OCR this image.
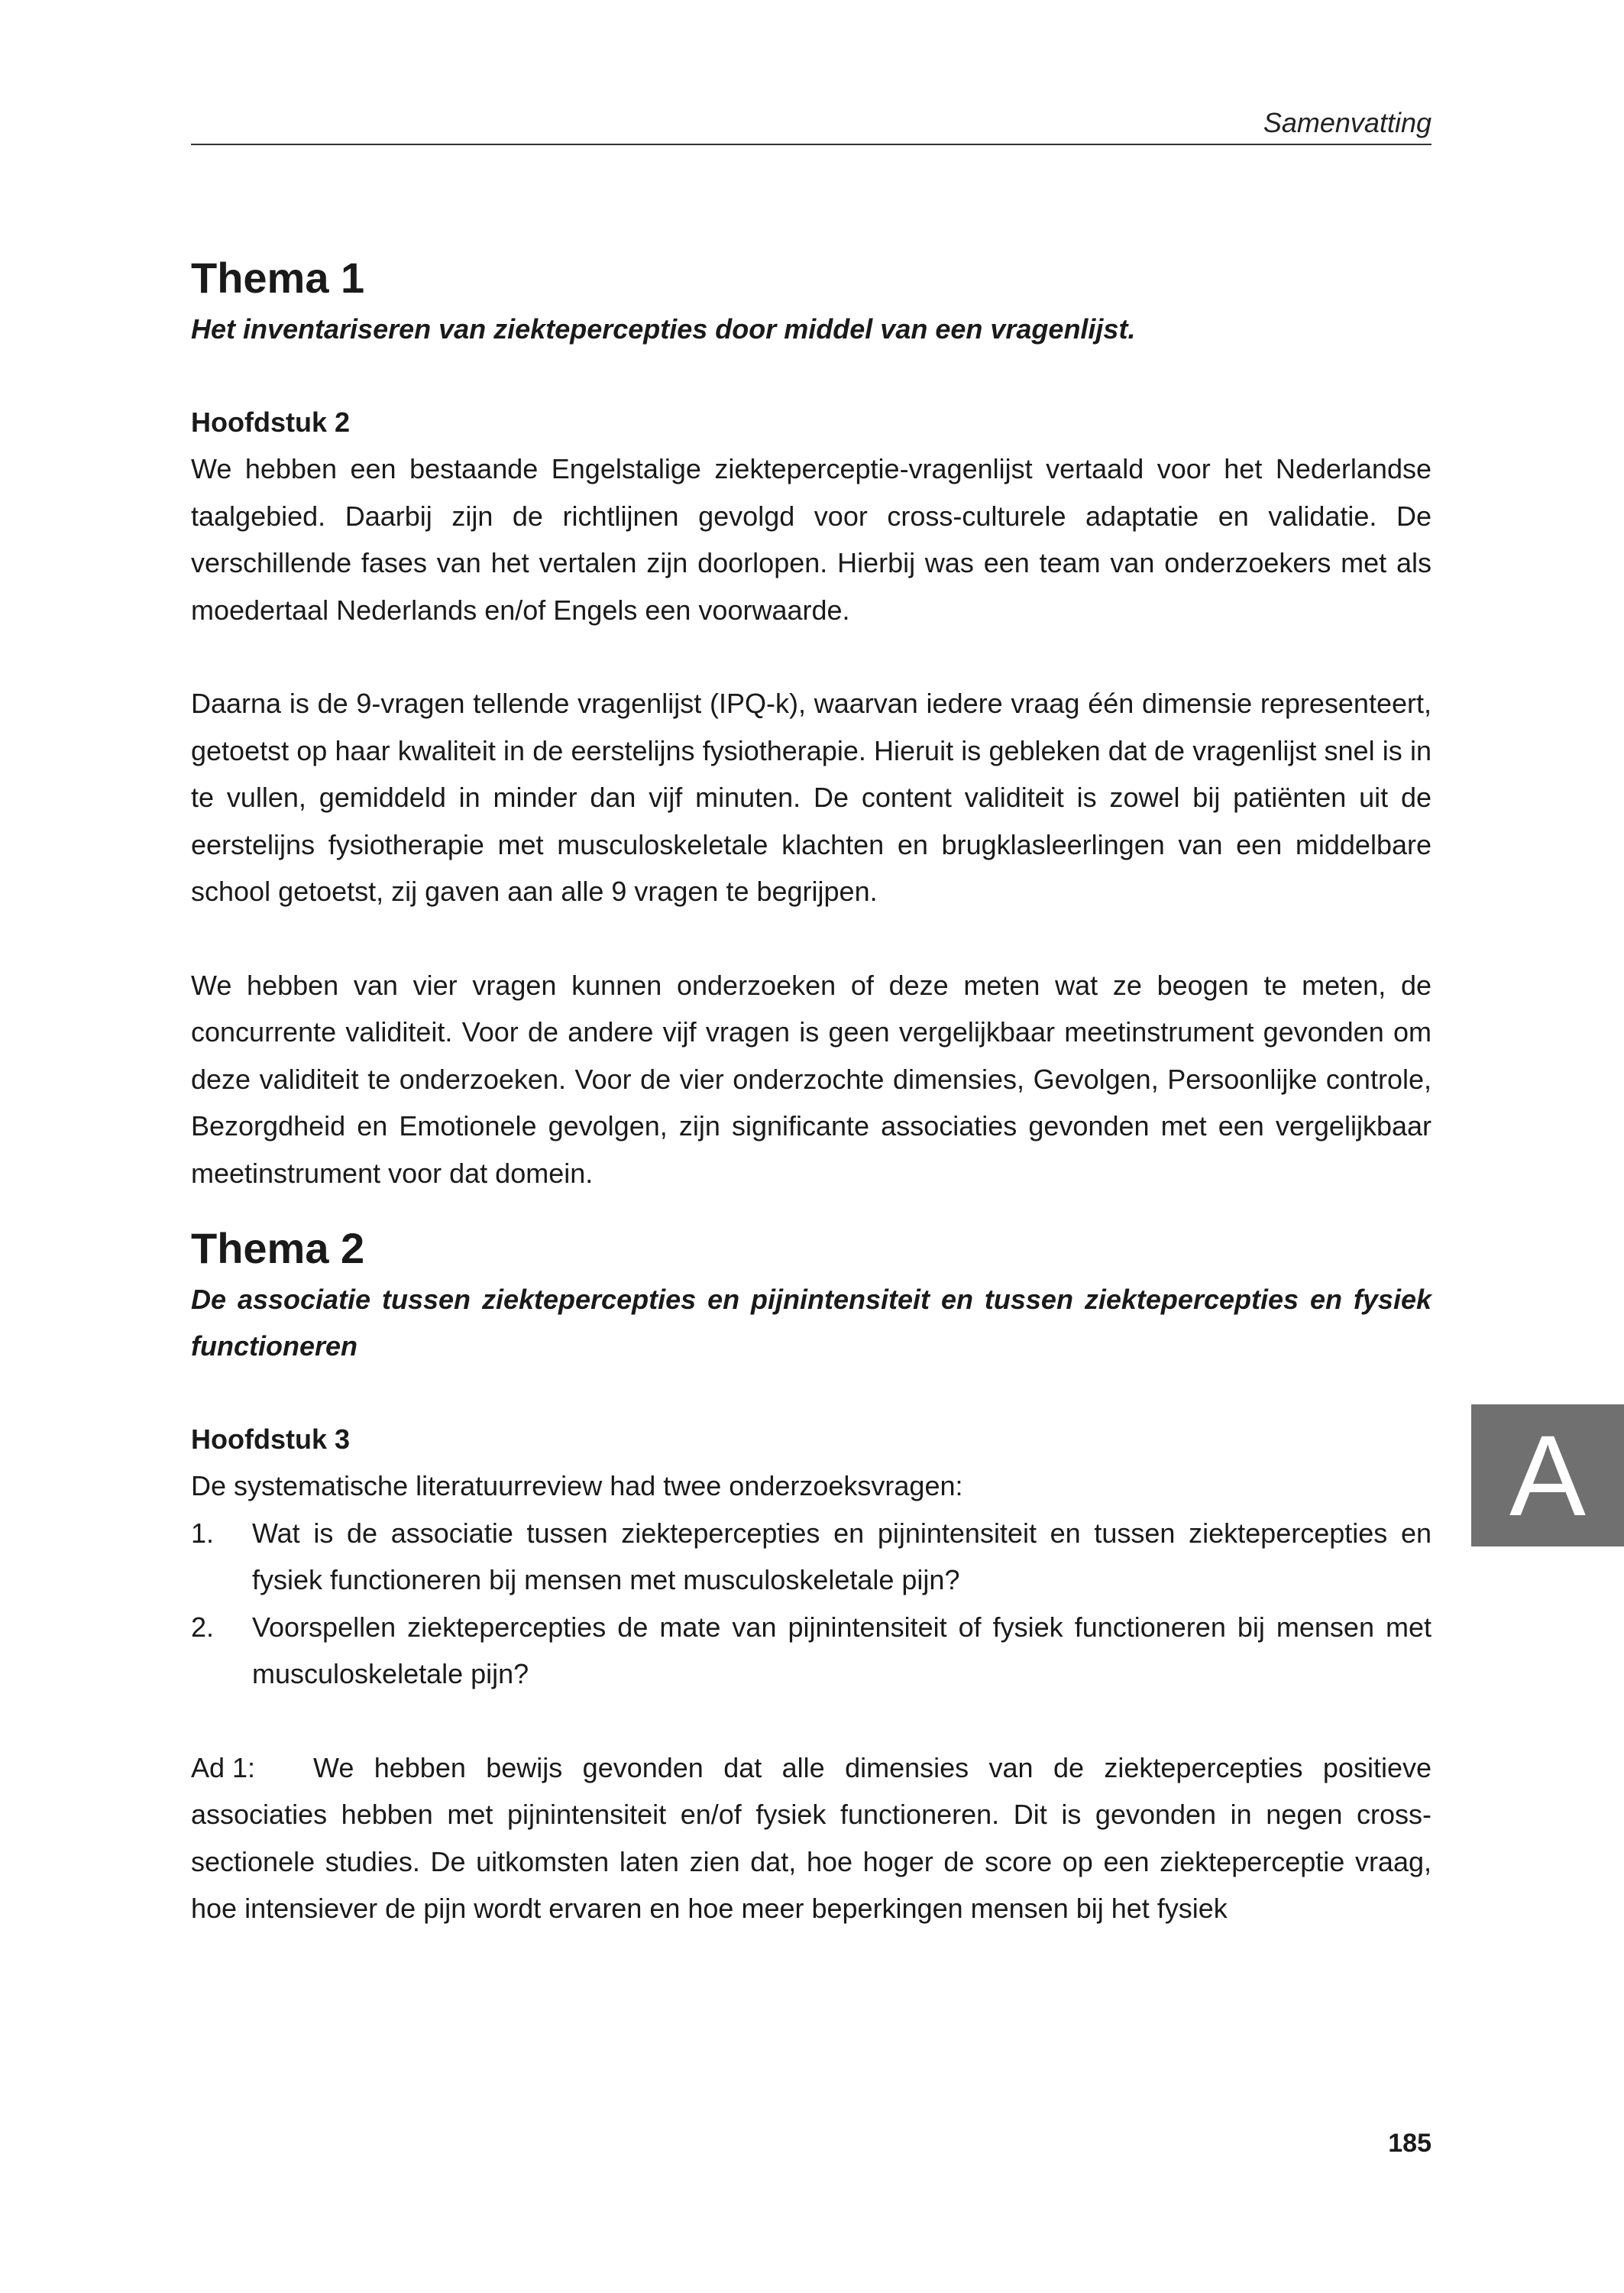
Samenvatting
Thema 1
Het inventariseren van ziekteperceptіes door middel van een vragenlijst.
Hoofdstuk 2

We hebben een bestaande Engelstalige ziekteperceptie-vragenlijst vertaald voor het Nederlandse taalgebied. Daarbij zijn de richtlijnen gevolgd voor cross-culturele adaptatie en validatie. De verschillende fases van het vertalen zijn doorlopen. Hierbij was een team van onderzoekers met als moedertaal Nederlands en/of Engels een voorwaarde.

Daarna is de 9-vragen tellende vragenlijst (IPQ-k), waarvan iedere vraag één dimensie representeert, getoetst op haar kwaliteit in de eerstelijns fysiotherapie. Hieruit is gebleken dat de vragenlijst snel is in te vullen, gemiddeld in minder dan vijf minuten. De content validiteit is zowel bij patiënten uit de eerstelijns fysiotherapie met musculoskeletale klachten en brugklasleerlingen van een middelbare school getoetst, zij gaven aan alle 9 vragen te begrijpen.

We hebben van vier vragen kunnen onderzoeken of deze meten wat ze beogen te meten, de concurrente validiteit. Voor de andere vijf vragen is geen vergelijkbaar meetinstrument gevonden om deze validiteit te onderzoeken. Voor de vier onderzochte dimensies, Gevolgen, Persoonlijke controle, Bezorgdheid en Emotionele gevolgen, zijn significante associaties gevonden met een vergelijkbaar meetinstrument voor dat domein.

Thema 2
De associatie tussen ziektepercepties en pijnintensiteit en tussen ziektepercepties en fysiek functioneren
Hoofdstuk 3

De systematische literatuurreview had twee onderzoeksvragen:

1. Wat is de associatie tussen ziektepercepties en pijnintensiteit en tussen ziektepercepties en fysiek functioneren bij mensen met musculoskeletale pijn?
2. Voorspellen ziektepercepties de mate van pijnintensiteit of fysiek functioneren bij mensen met musculoskeletale pijn?

Ad 1: We hebben bewijs gevonden dat alle dimensies van de ziektepercepties positieve associaties hebben met pijnintensiteit en/of fysiek functioneren. Dit is gevonden in negen cross-sectionele studies. De uitkomsten laten zien dat, hoe hoger de score op een ziekteperceptie vraag, hoe intensiever de pijn wordt ervaren en hoe meer beperkingen mensen bij het fysiek

185
A
